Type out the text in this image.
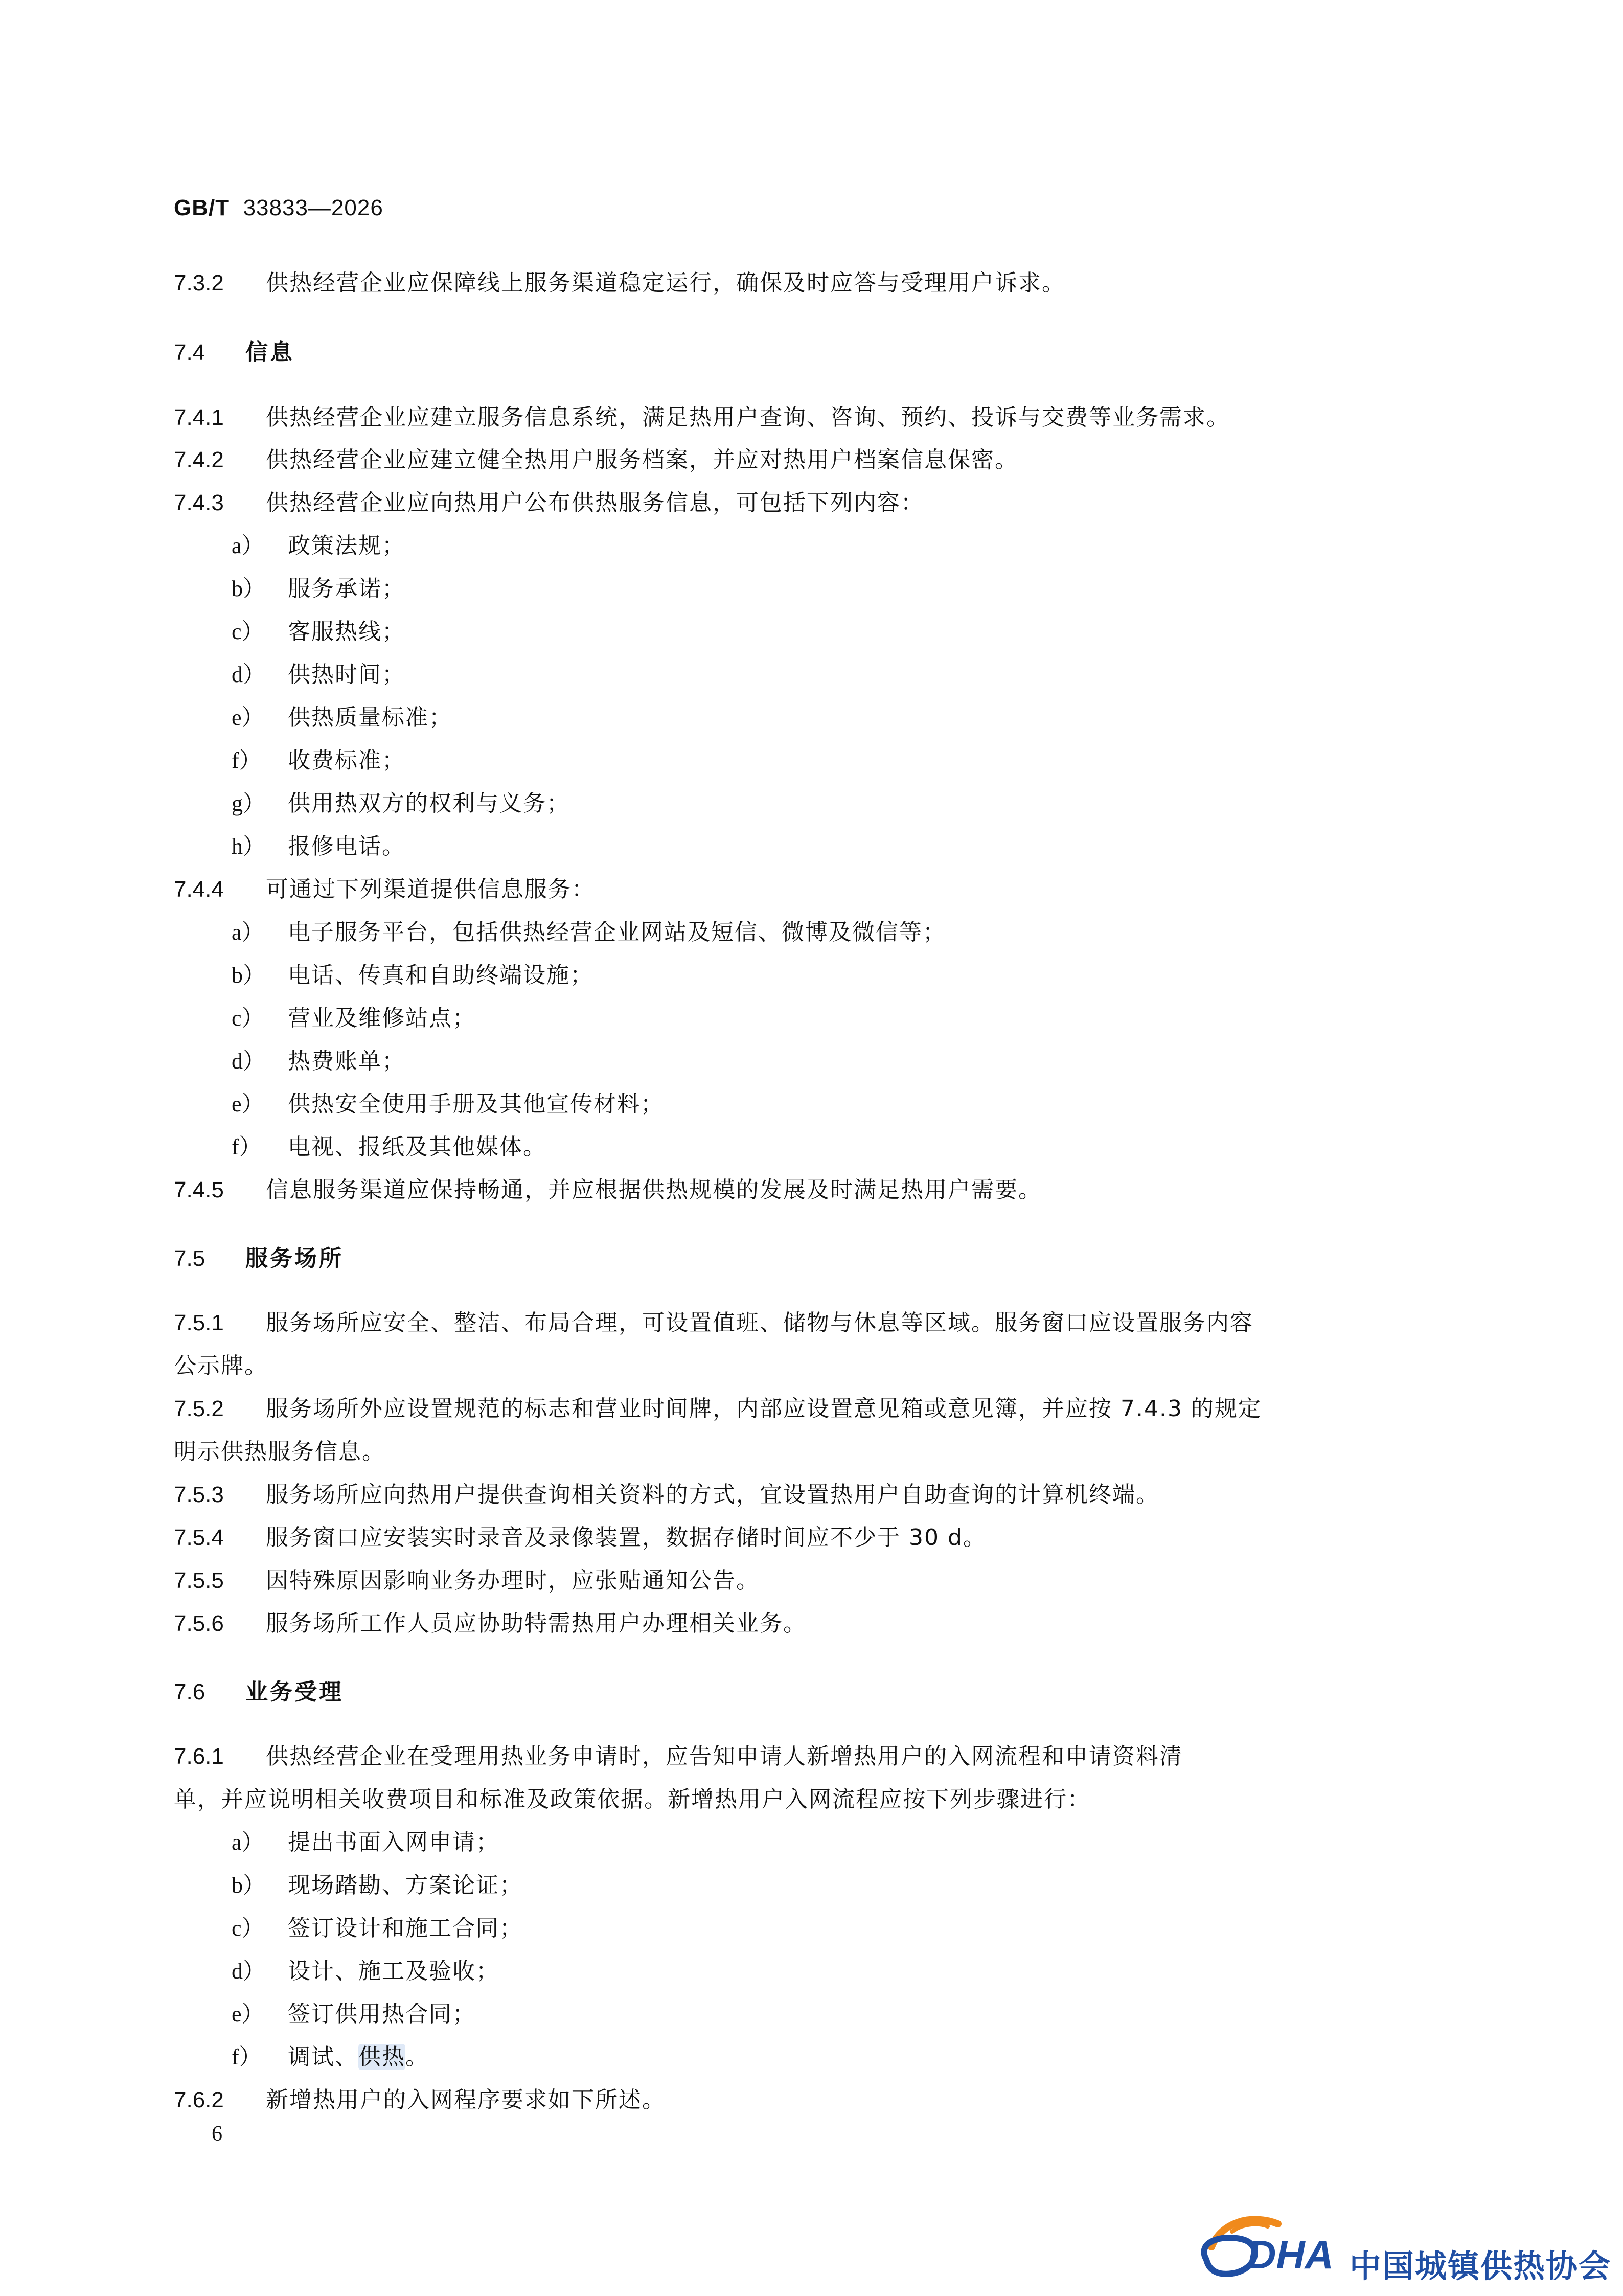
GB/T 33833—2026
7.3.2 供热经营企业应保障线上服务渠道稳定运行，确保及时应答与受理用户诉求。
7.4 信息
7.4.1 供热经营企业应建立服务信息系统，满足热用户查询、咨询、预约、投诉与交费等业务需求。
7.4.2 供热经营企业应建立健全热用户服务档案，并应对热用户档案信息保密。
7.4.3 供热经营企业应向热用户公布供热服务信息，可包括下列内容：
a） 政策法规；
b） 服务承诺；
c） 客服热线；
d） 供热时间；
e） 供热质量标准；
f） 收费标准；
g） 供用热双方的权利与义务；
h） 报修电话。
7.4.4 可通过下列渠道提供信息服务：
a） 电子服务平台，包括供热经营企业网站及短信、微博及微信等；
b） 电话、传真和自助终端设施；
c） 营业及维修站点；
d） 热费账单；
e） 供热安全使用手册及其他宣传材料；
f） 电视、报纸及其他媒体。
7.4.5 信息服务渠道应保持畅通，并应根据供热规模的发展及时满足热用户需要。
7.5 服务场所
7.5.1 服务场所应安全、整洁、布局合理，可设置值班、储物与休息等区域。服务窗口应设置服务内容
公示牌。
7.5.2 服务场所外应设置规范的标志和营业时间牌，内部应设置意见箱或意见簿，并应按 7.4.3 的规定
明示供热服务信息。
7.5.3 服务场所应向热用户提供查询相关资料的方式，宜设置热用户自助查询的计算机终端。
7.5.4 服务窗口应安装实时录音及录像装置，数据存储时间应不少于 30 d。
7.5.5 因特殊原因影响业务办理时，应张贴通知公告。
7.5.6 服务场所工作人员应协助特需热用户办理相关业务。
7.6 业务受理
7.6.1 供热经营企业在受理用热业务申请时，应告知申请人新增热用户的入网流程和申请资料清
单，并应说明相关收费项目和标准及政策依据。新增热用户入网流程应按下列步骤进行：
a） 提出书面入网申请；
b） 现场踏勘、方案论证；
c） 签订设计和施工合同；
d） 设计、施工及验收；
e） 签订供用热合同；
f） 调试、供热。
7.6.2 新增热用户的入网程序要求如下所述。
6
DHA 中国城镇供热协会
